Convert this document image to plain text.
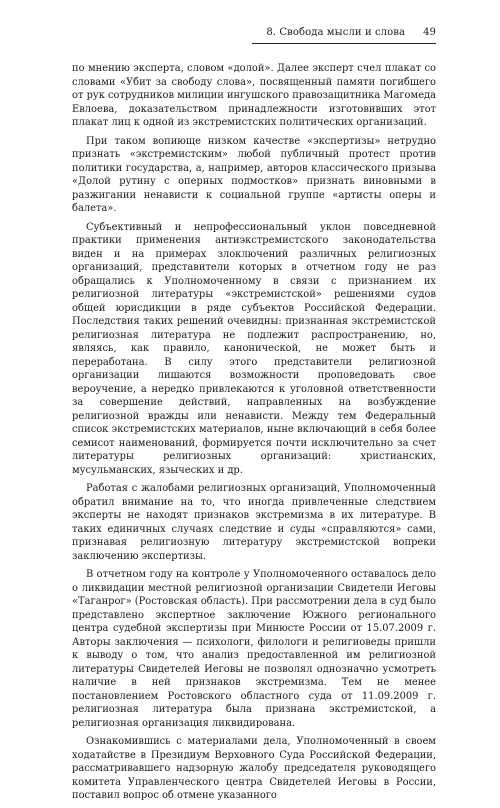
8. Свобода мысли и слова 49

по мнению эксперта, словом «долой». Далее эксперт счел плакат со словами «Убит за свободу слова», посвященный памяти погибшего от рук сотрудников милиции ингушского правозащитника Магомеда Евлоева, доказательством принадлежности изготовивших этот плакат лиц к одной из экстремистских политических организаций.

При таком вопиюще низком качестве «экспертизы» нетрудно признать «экстремистским» любой публичный протест против политики государства, а, например, авторов классического призыва «Долой рутину с оперных подмостков» признать виновными в разжигании ненависти к социальной группе «артисты оперы и балета».

Субъективный и непрофессиональный уклон повседневной практики применения антиэкстремистского законодательства виден и на примерах злоключений различных религиозных организаций, представители которых в отчетном году не раз обращались к Уполномоченному в связи с признанием их религиозной литературы «экстремистской» решениями судов общей юрисдикции в ряде субъектов Российской Федерации. Последствия таких решений очевидны: признанная экстремистской религиозная литература не подлежит распространению, но, являясь, как правило, канонической, не может быть и переработана. В силу этого представители религиозной организации лишаются возможности проповедовать свое вероучение, а нередко привлекаются к уголовной ответственности за совершение действий, направленных на возбуждение религиозной вражды или ненависти. Между тем Федеральный список экстремистских материалов, ныне включающий в себя более семисот наименований, формируется почти исключительно за счет литературы религиозных организаций: христианских, мусульманских, языческих и др.

Работая с жалобами религиозных организаций, Уполномоченный обратил внимание на то, что иногда привлеченные следствием эксперты не находят признаков экстремизма в их литературе. В таких единичных случаях следствие и суды «справляются» сами, признавая религиозную литературу экстремистской вопреки заключению экспертизы.

В отчетном году на контроле у Уполномоченного оставалось дело о ликвидации местной религиозной организации Свидетели Иеговы «Таганрог» (Ростовская область). При рассмотрении дела в суд было представлено экспертное заключение Южного регионального центра судебной экспертизы при Минюсте России от 15.07.2009 г. Авторы заключения — психологи, филологи и религиоведы пришли к выводу о том, что анализ предоставленной им религиозной литературы Свидетелей Иеговы не позволял однозначно усмотреть наличие в ней признаков экстремизма. Тем не менее постановлением Ростовского областного суда от 11.09.2009 г. религиозная литература была признана экстремистской, а религиозная организация ликвидирована.

Ознакомившись с материалами дела, Уполномоченный в своем ходатайстве в Президиум Верховного Суда Российской Федерации, рассматривавшего надзорную жалобу председателя руководящего комитета Управленческого центра Свидетелей Иеговы в России, поставил вопрос об отмене указанного
